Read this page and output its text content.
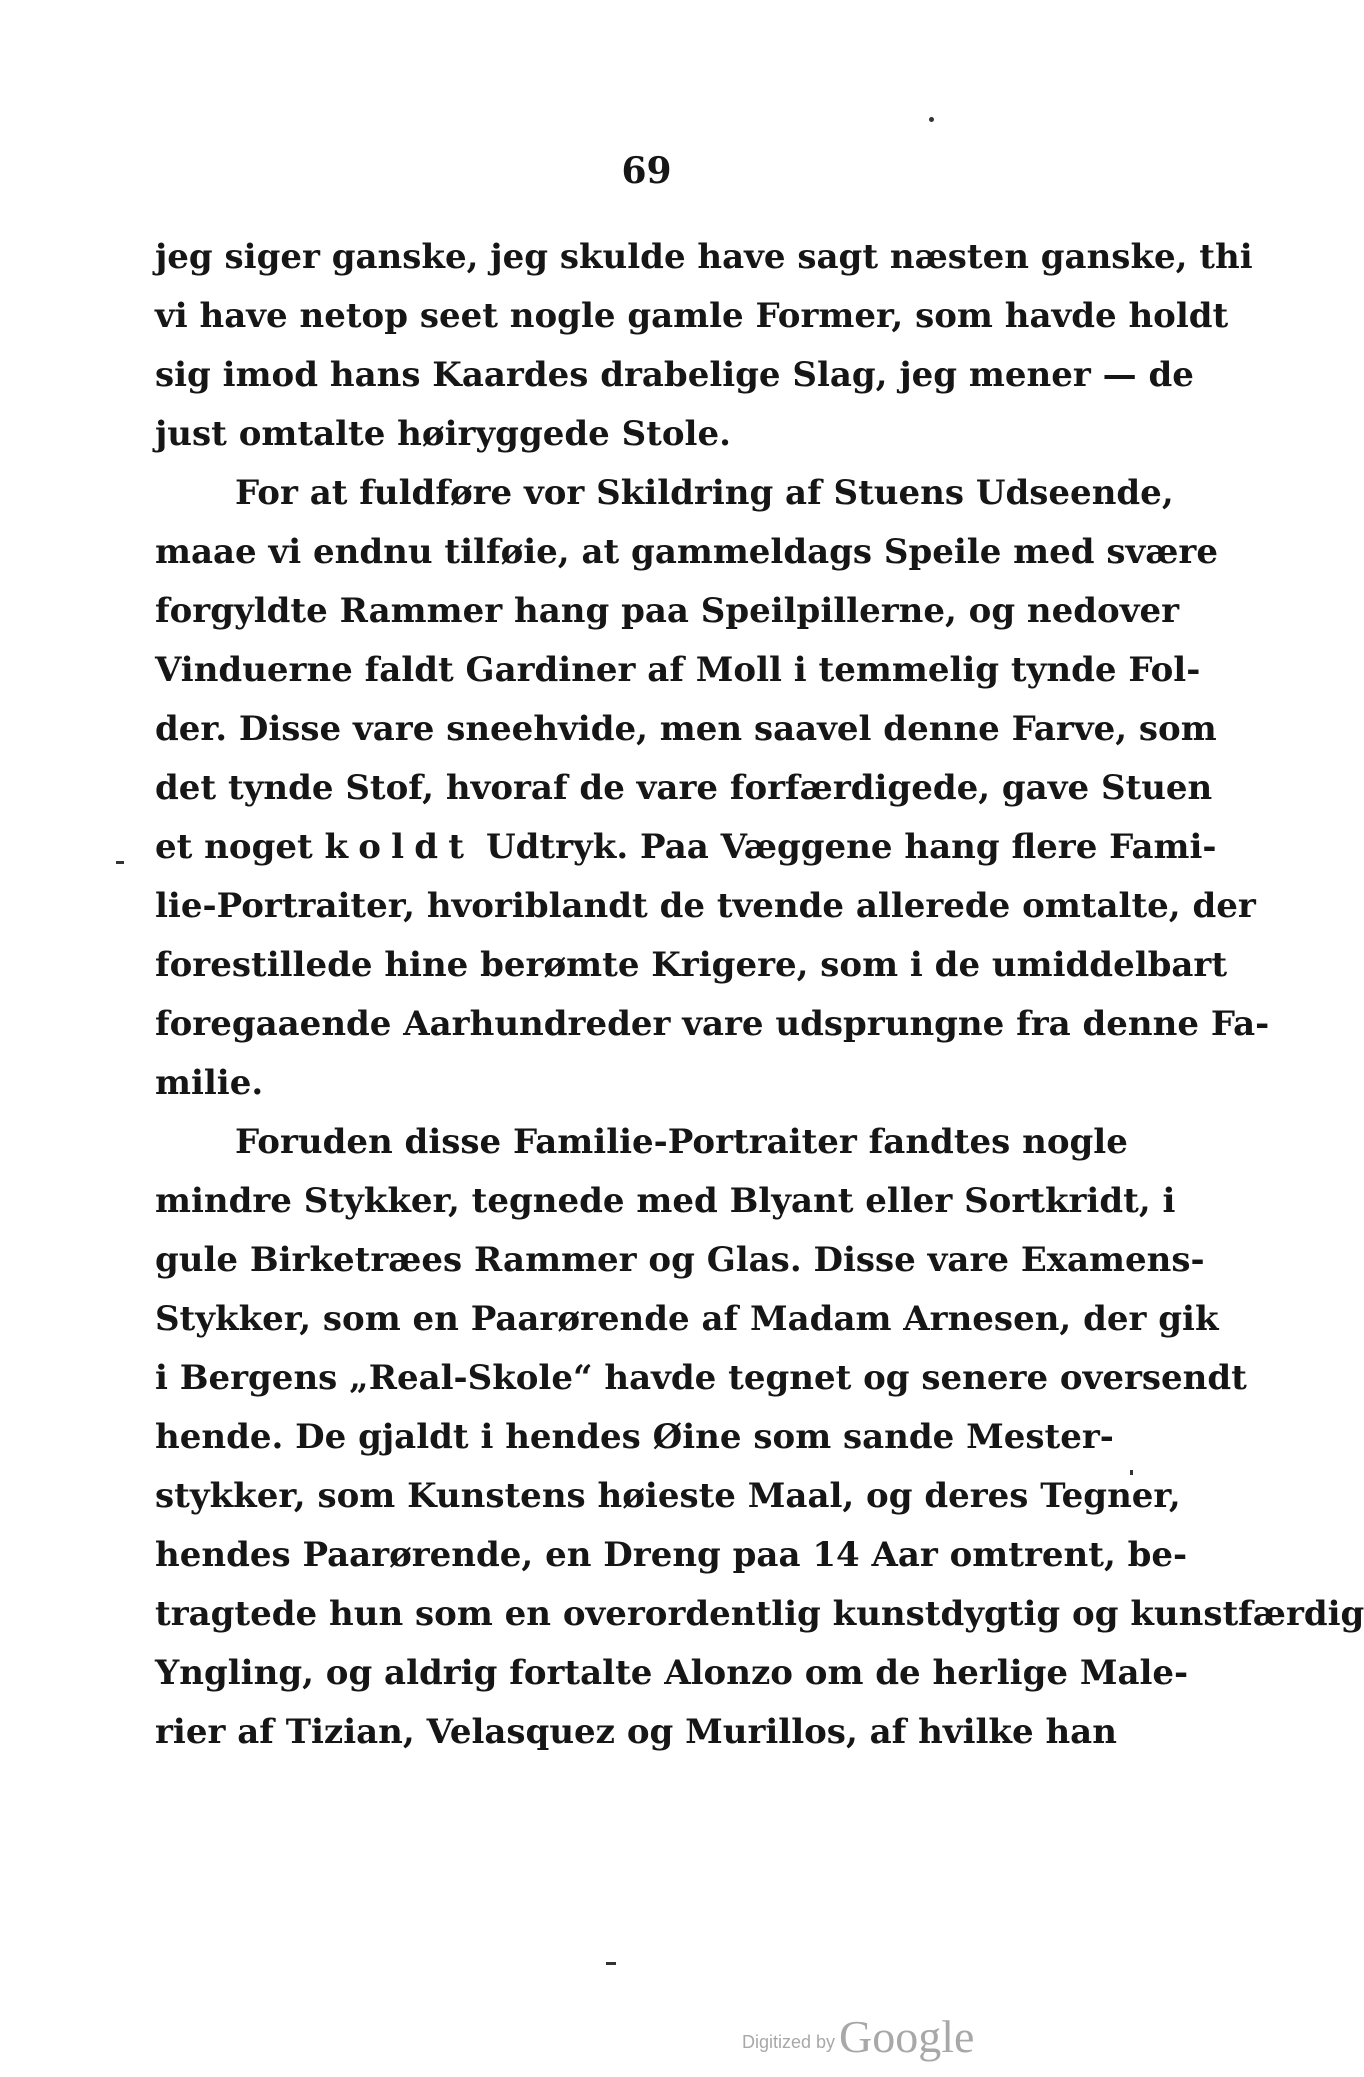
69
jeg siger ganske, jeg skulde have sagt næsten ganske, thi
vi have netop seet nogle gamle Former, som havde holdt
sig imod hans Kaardes drabelige Slag, jeg mener — de
just omtalte høiryggede Stole.
For at fuldføre vor Skildring af Stuens Udseende,
maae vi endnu tilføie, at gammeldags Speile med svære
forgyldte Rammer hang paa Speilpillerne, og nedover
Vinduerne faldt Gardiner af Moll i temmelig tynde Fol-
der. Disse vare sneehvide, men saavel denne Farve, som
det tynde Stof, hvoraf de vare forfærdigede, gave Stuen
et noget koldt Udtryk. Paa Væggene hang flere Fami-
lie-Portraiter, hvoriblandt de tvende allerede omtalte, der
forestillede hine berømte Krigere, som i de umiddelbart
foregaaende Aarhundreder vare udsprungne fra denne Fa-
milie.
Foruden disse Familie-Portraiter fandtes nogle
mindre Stykker, tegnede med Blyant eller Sortkridt, i
gule Birketræes Rammer og Glas. Disse vare Examens-
Stykker, som en Paarørende af Madam Arnesen, der gik
i Bergens „Real-Skole“ havde tegnet og senere oversendt
hende. De gjaldt i hendes Øine som sande Mester-
stykker, som Kunstens høieste Maal, og deres Tegner,
hendes Paarørende, en Dreng paa 14 Aar omtrent, be-
tragtede hun som en overordentlig kunstdygtig og kunstfærdig
Yngling, og aldrig fortalte Alonzo om de herlige Male-
rier af Tizian, Velasquez og Murillos, af hvilke han
Digitized byGoogle
